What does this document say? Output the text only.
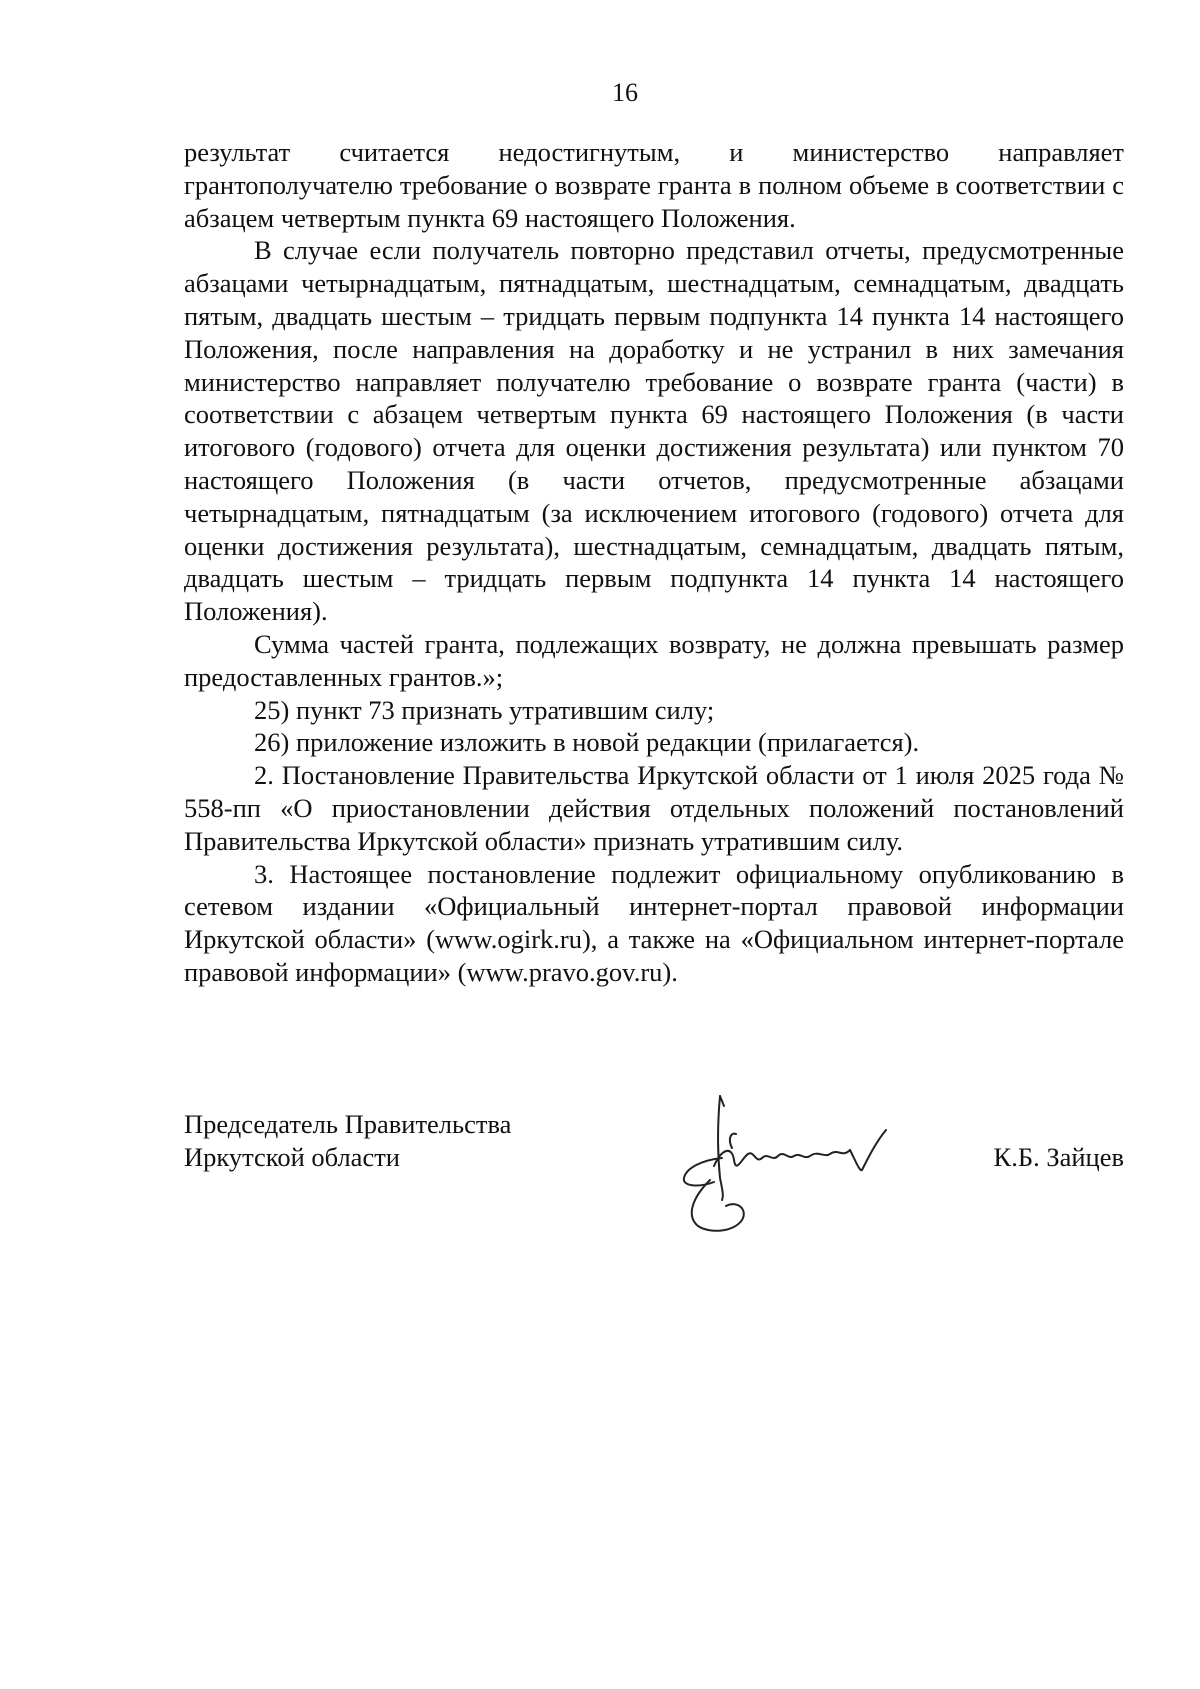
16

результат считается недостигнутым, и министерство направляет грантополучателю требование о возврате гранта в полном объеме в соответствии с абзацем четвертым пункта 69 настоящего Положения.

В случае если получатель повторно представил отчеты, предусмотренные абзацами четырнадцатым, пятнадцатым, шестнадцатым, семнадцатым, двадцать пятым, двадцать шестым – тридцать первым подпункта 14 пункта 14 настоящего Положения, после направления на доработку и не устранил в них замечания министерство направляет получателю требование о возврате гранта (части) в соответствии с абзацем четвертым пункта 69 настоящего Положения (в части итогового (годового) отчета для оценки достижения результата) или пунктом 70 настоящего Положения (в части отчетов, предусмотренные абзацами четырнадцатым, пятнадцатым (за исключением итогового (годового) отчета для оценки достижения результата), шестнадцатым, семнадцатым, двадцать пятым, двадцать шестым – тридцать первым подпункта 14 пункта 14 настоящего Положения).

Сумма частей гранта, подлежащих возврату, не должна превышать размер предоставленных грантов.»;

25) пункт 73 признать утратившим силу;

26) приложение изложить в новой редакции (прилагается).

2. Постановление Правительства Иркутской области от 1 июля 2025 года № 558-пп «О приостановлении действия отдельных положений постановлений Правительства Иркутской области» признать утратившим силу.

3. Настоящее постановление подлежит официальному опубликованию в сетевом издании «Официальный интернет-портал правовой информации Иркутской области» (www.ogirk.ru), а также на «Официальном интернет-портале правовой информации» (www.pravo.gov.ru).

Председатель Правительства
Иркутской области	К.Б. Зайцев
